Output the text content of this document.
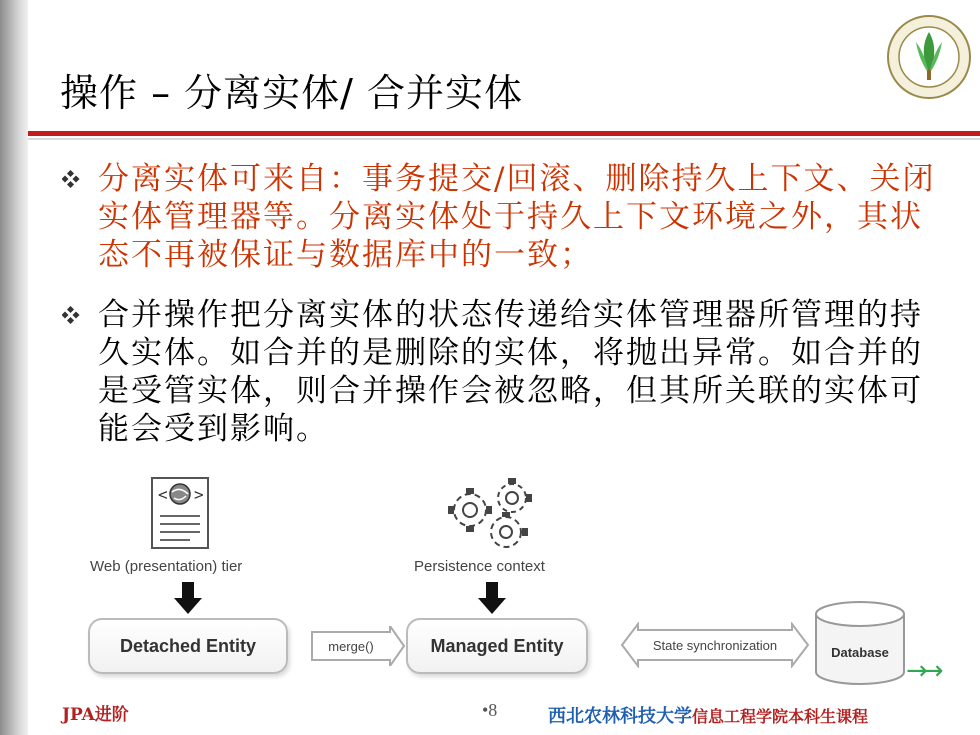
操作 – 分离实体/ 合并实体
分离实体可来自：事务提交/回滚、删除持久上下文、关闭实体管理器等。分离实体处于持久上下文环境之外，其状态不再被保证与数据库中的一致；
合并操作把分离实体的状态传递给实体管理器所管理的持久实体。如合并的是删除的实体，将抛出异常。如合并的是受管实体，则合并操作会被忽略，但其所关联的实体可能会受到影响。
< >
Web (presentation) tier	Persistence context
Detached Entity	merge()	Managed Entity	State synchronization	Database
→→
JPA进阶	•8	西北农林科技大学信息工程学院本科生课程
